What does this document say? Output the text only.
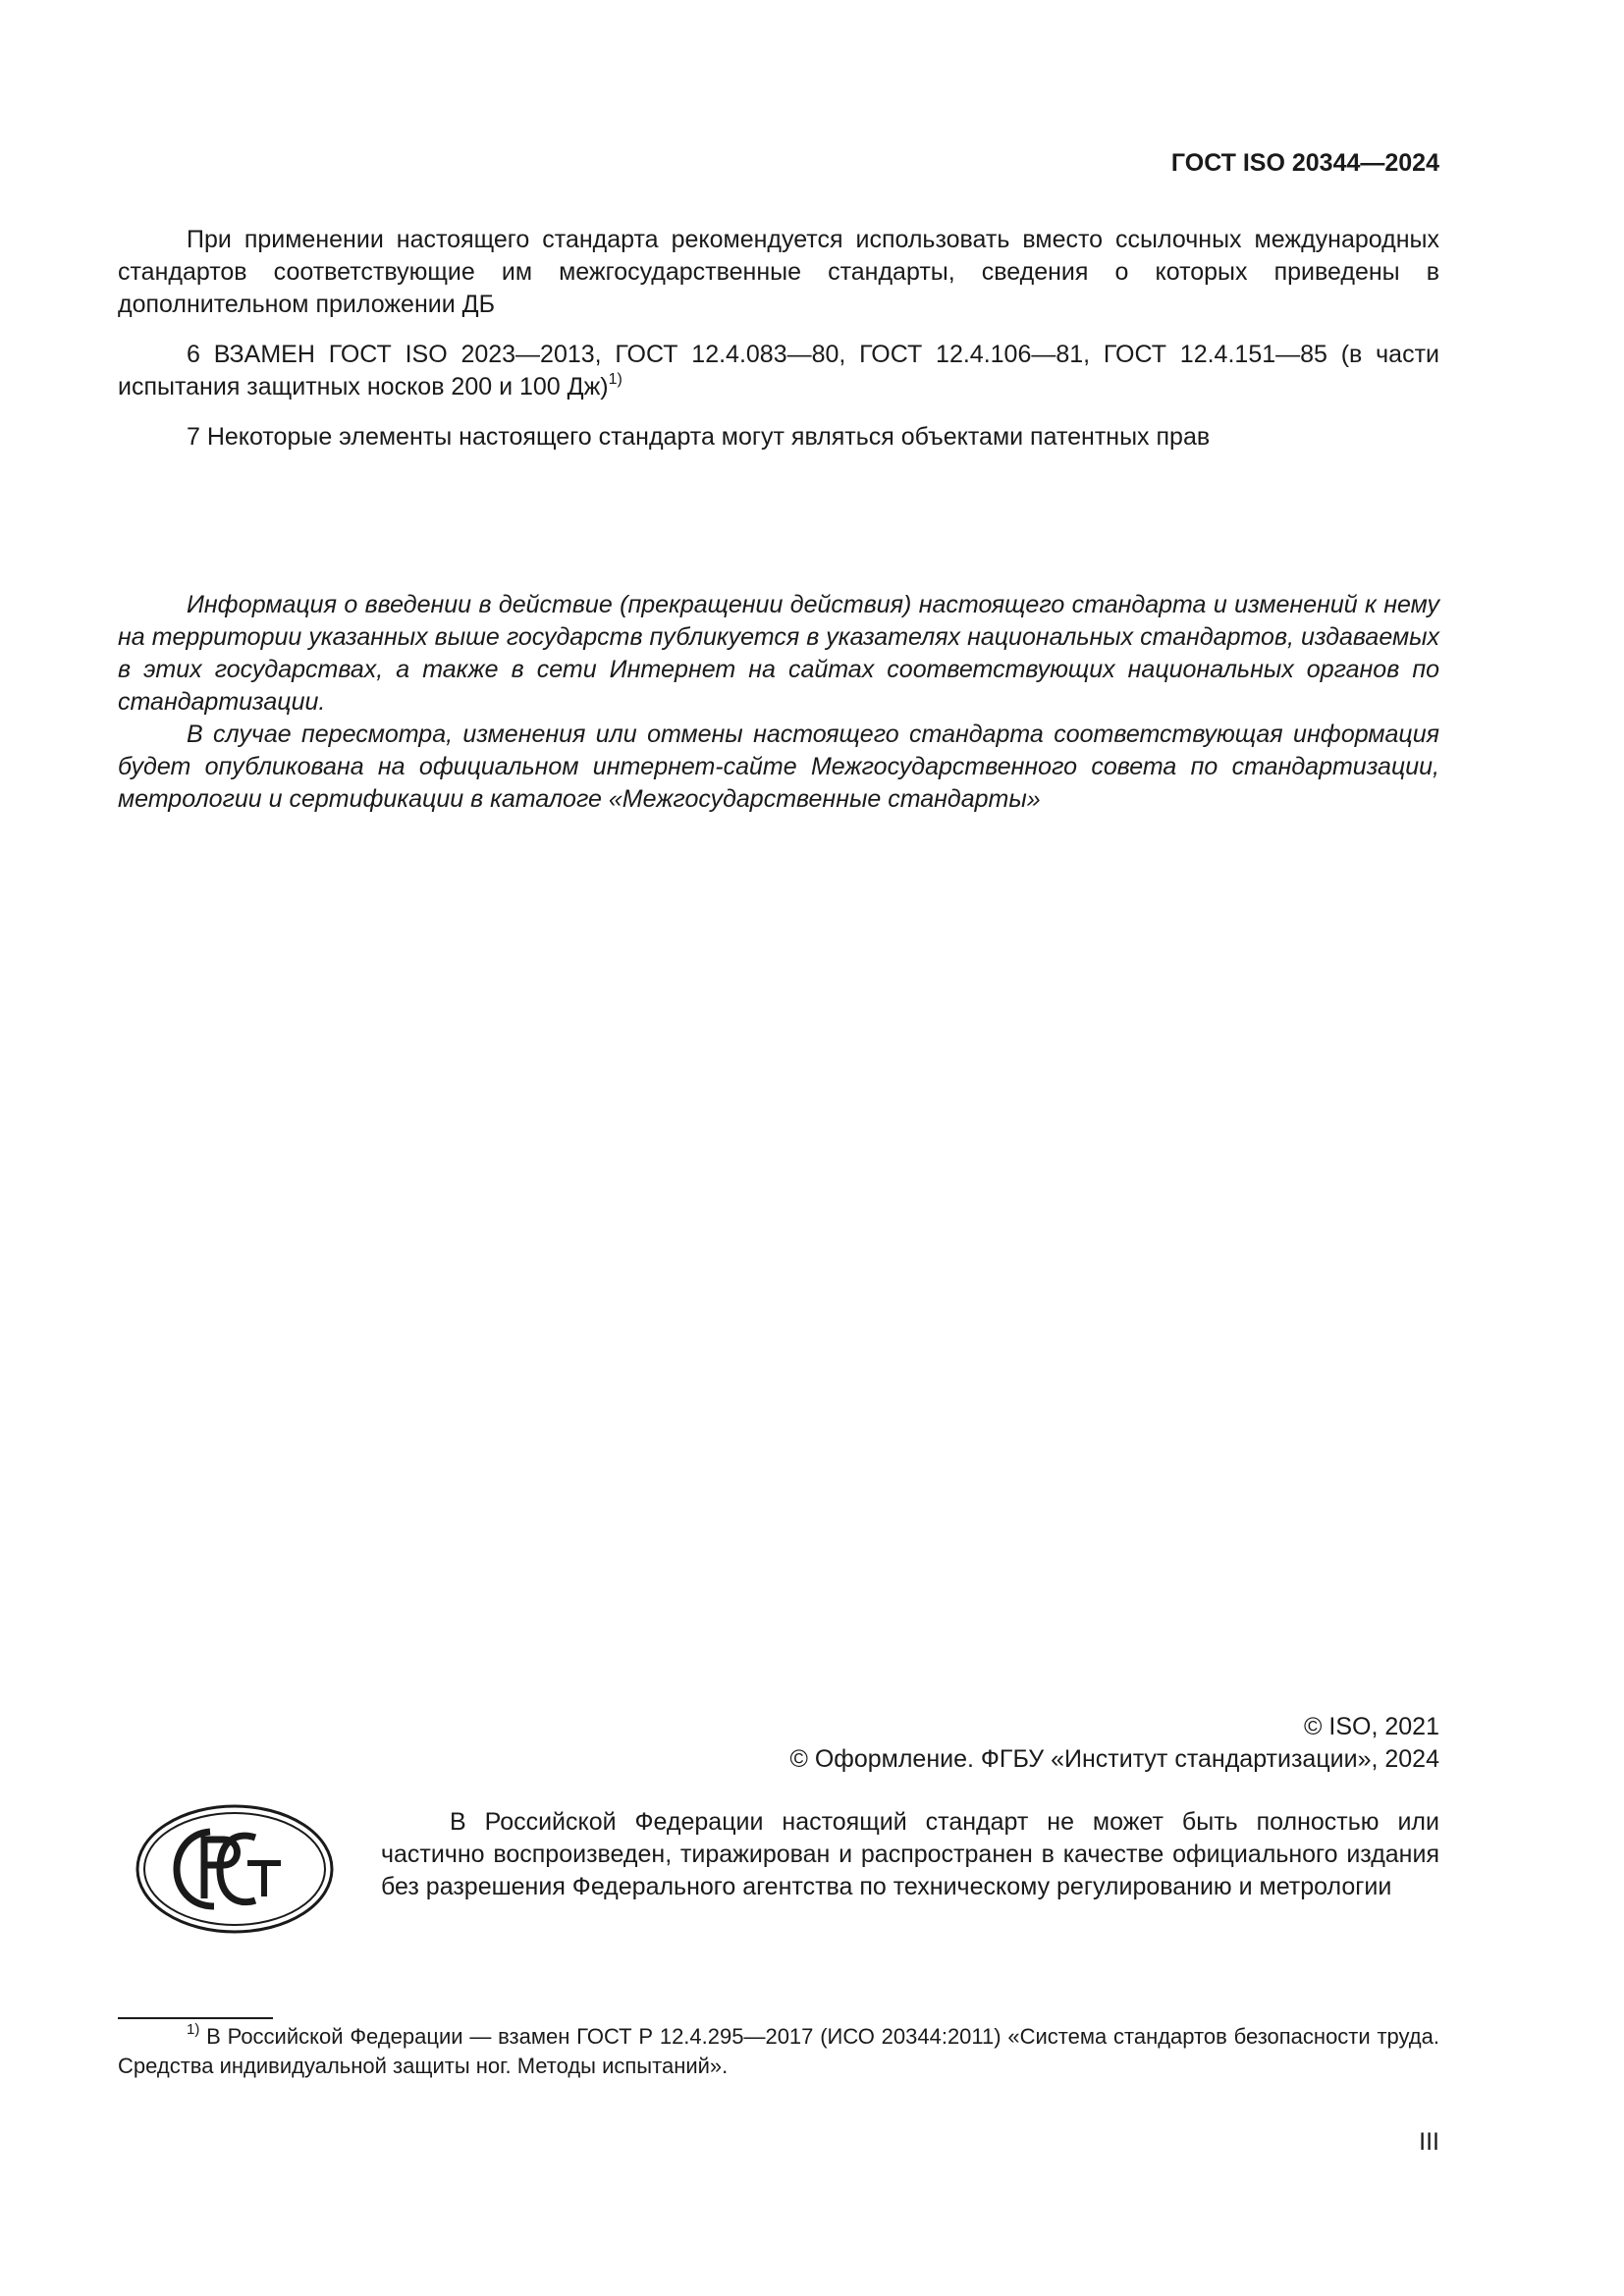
ГОСТ ISO 20344—2024

При применении настоящего стандарта рекомендуется использовать вместо ссылочных международных стандартов соответствующие им межгосударственные стандарты, сведения о которых приведены в дополнительном приложении ДБ

6 ВЗАМЕН ГОСТ ISO 2023—2013, ГОСТ 12.4.083—80, ГОСТ 12.4.106—81, ГОСТ 12.4.151—85 (в части испытания защитных носков 200 и 100 Дж)$^{1)}$

7 Некоторые элементы настоящего стандарта могут являться объектами патентных прав

Информация о введении в действие (прекращении действия) настоящего стандарта и изменений к нему на территории указанных выше государств публикуется в указателях национальных стандартов, издаваемых в этих государствах, а также в сети Интернет на сайтах соответствующих национальных органов по стандартизации.

В случае пересмотра, изменения или отмены настоящего стандарта соответствующая информация будет опубликована на официальном интернет-сайте Межгосударственного совета по стандартизации, метрологии и сертификации в каталоге «Межгосударственные стандарты»

© ISO, 2021
© Оформление. ФГБУ «Институт стандартизации», 2024

В Российской Федерации настоящий стандарт не может быть полностью или частично воспроизведен, тиражирован и распространен в качестве официального издания без разрешения Федерального агентства по техническому регулированию и метрологии

$^{1)}$ В Российской Федерации — взамен ГОСТ Р 12.4.295—2017 (ИСО 20344:2011) «Система стандартов безопасности труда. Средства индивидуальной защиты ног. Методы испытаний».

III
